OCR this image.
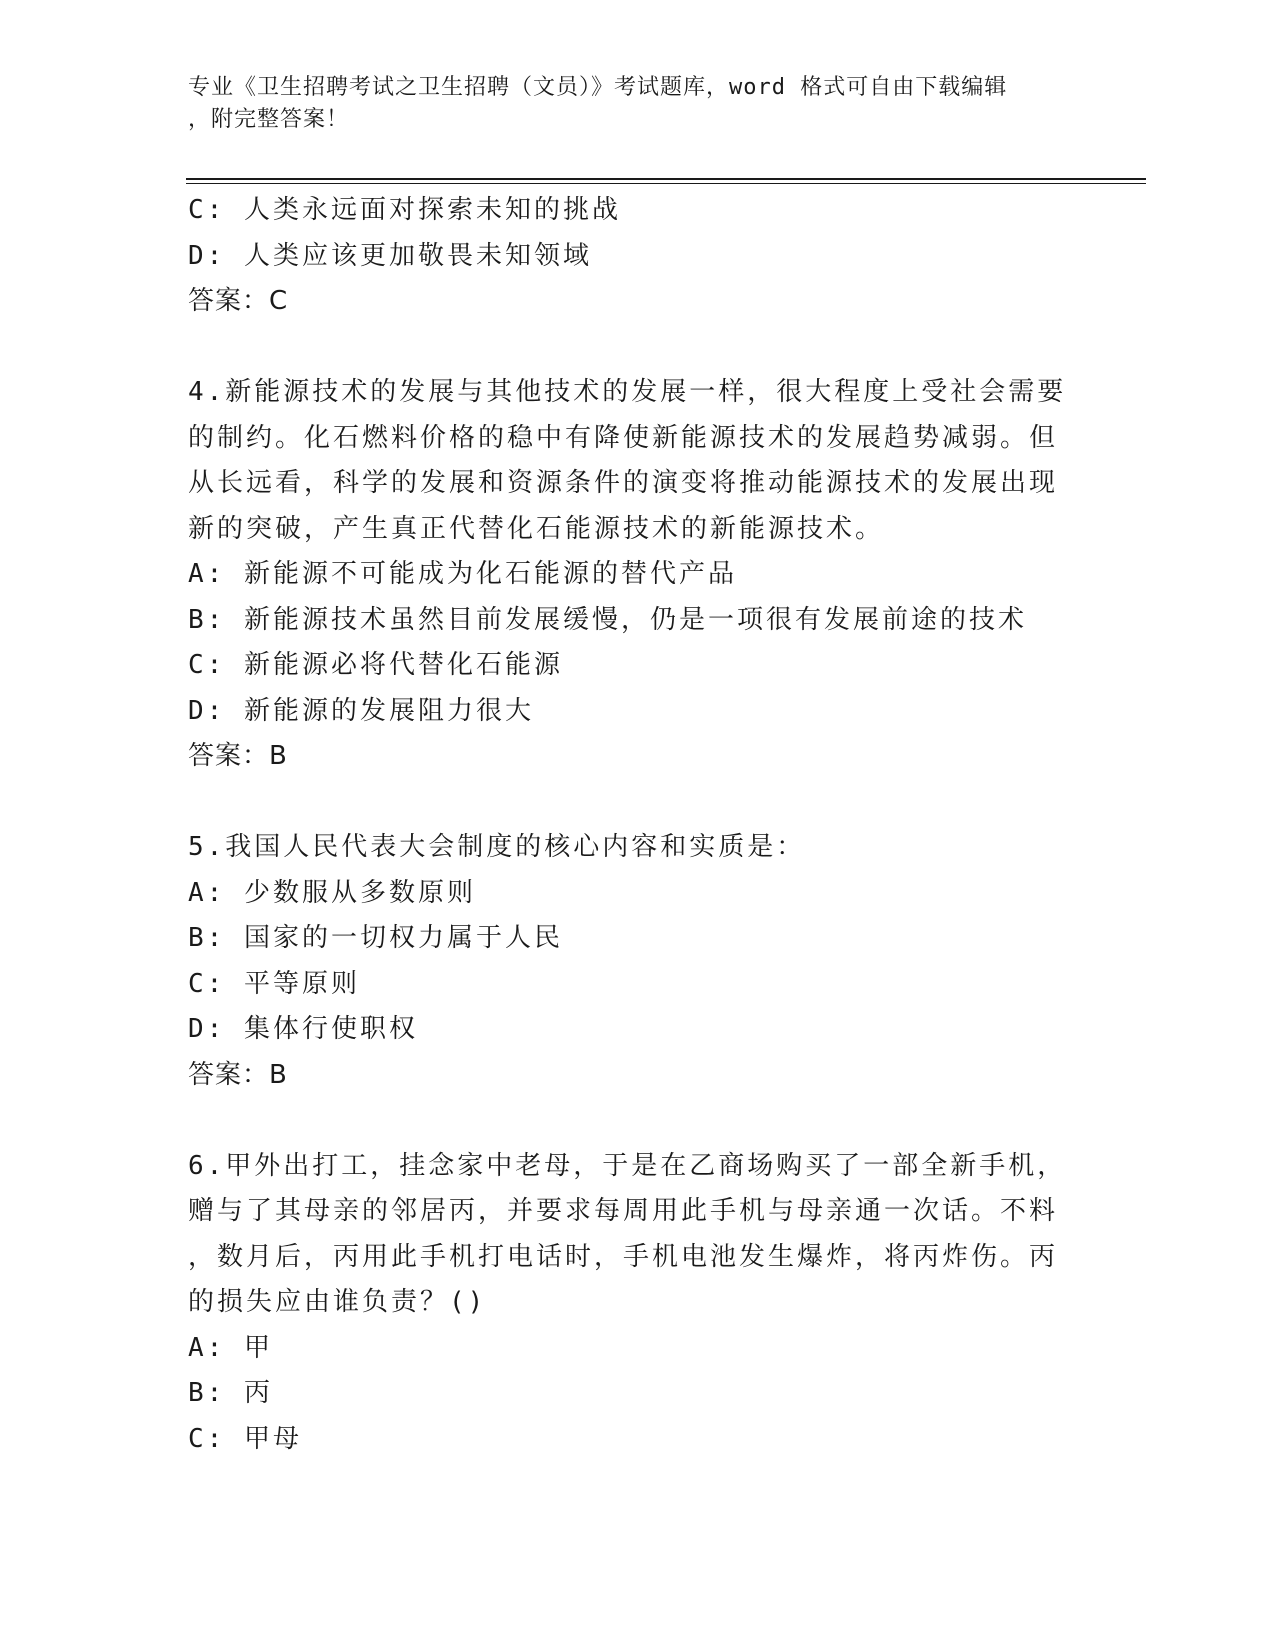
专业《卫生招聘考试之卫生招聘（文员）》考试题库，word 格式可自由下载编辑
，附完整答案！
C: 人类永远面对探索未知的挑战
D: 人类应该更加敬畏未知领域
答案：C
4.新能源技术的发展与其他技术的发展一样，很大程度上受社会需要
的制约。化石燃料价格的稳中有降使新能源技术的发展趋势减弱。但
从长远看，科学的发展和资源条件的演变将推动能源技术的发展出现
新的突破，产生真正代替化石能源技术的新能源技术。
A: 新能源不可能成为化石能源的替代产品
B: 新能源技术虽然目前发展缓慢，仍是一项很有发展前途的技术
C: 新能源必将代替化石能源
D: 新能源的发展阻力很大
答案：B
5.我国人民代表大会制度的核心内容和实质是：
A: 少数服从多数原则
B: 国家的一切权力属于人民
C: 平等原则
D: 集体行使职权
答案：B
6.甲外出打工，挂念家中老母，于是在乙商场购买了一部全新手机，
赠与了其母亲的邻居丙，并要求每周用此手机与母亲通一次话。不料
，数月后，丙用此手机打电话时，手机电池发生爆炸，将丙炸伤。丙
的损失应由谁负责？()
A: 甲
B: 丙
C: 甲母
